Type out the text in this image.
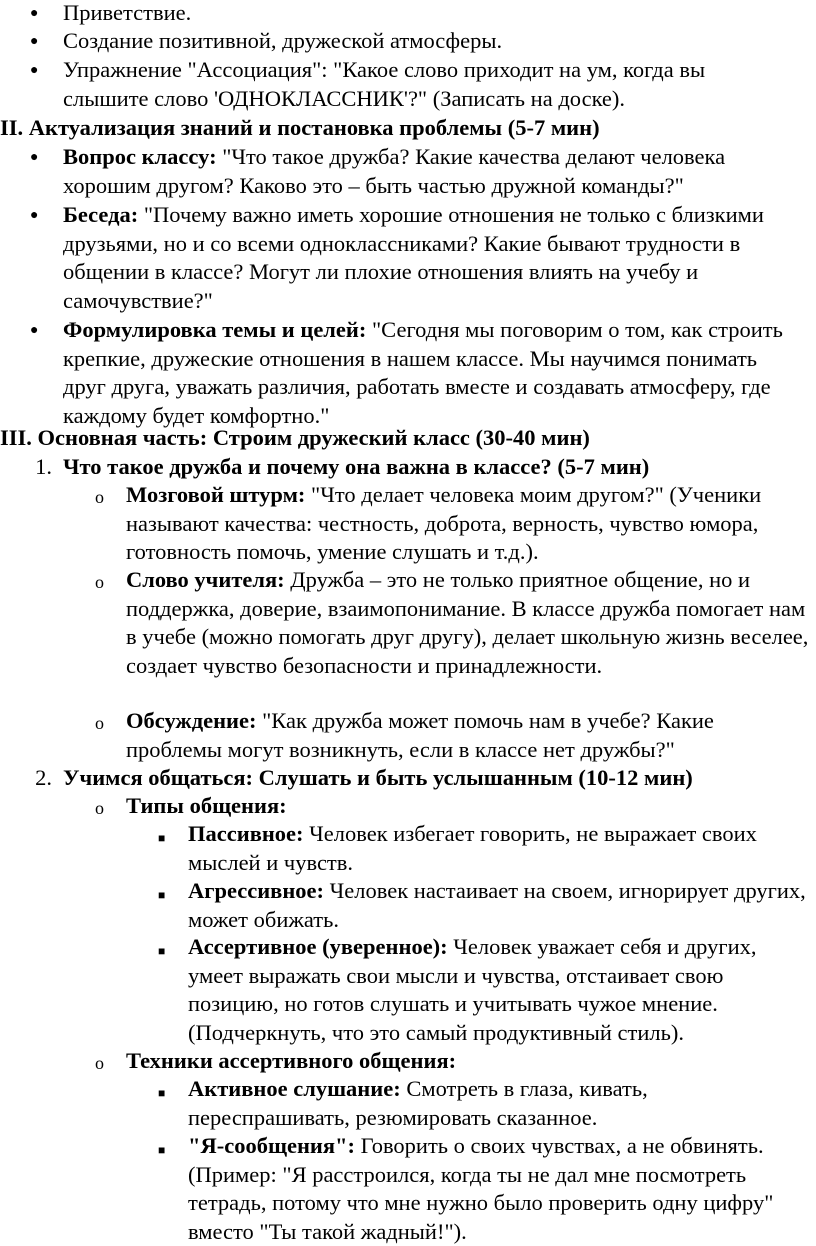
● Приветствие.

● Создание позитивной, дружеской атмосферы.

● Упражнение "Ассоциация": "Какое слово приходит на ум, когда вы слышите слово 'ОДНОКЛАССНИК'?" (Записать на доске).

II. Актуализация знаний и постановка проблемы (5-7 мин)

● Вопрос классу: "Что такое дружба? Какие качества делают человека хорошим другом? Каково это – быть частью дружной команды?"

● Беседа: "Почему важно иметь хорошие отношения не только с близкими друзьями, но и со всеми одноклассниками? Какие бывают трудности в общении в классе? Могут ли плохие отношения влиять на учебу и самочувствие?"

● Формулировка темы и целей: "Сегодня мы поговорим о том, как строить крепкие, дружеские отношения в нашем классе. Мы научимся понимать друг друга, уважать различия, работать вместе и создавать атмосферу, где каждому будет комфортно."

III. Основная часть: Строим дружеский класс (30-40 мин)

1. Что такое дружба и почему она важна в классе? (5-7 мин)

o Мозговой штурм: "Что делает человека моим другом?" (Ученики называют качества: честность, доброта, верность, чувство юмора, готовность помочь, умение слушать и т.д.).

o Слово учителя: Дружба – это не только приятное общение, но и поддержка, доверие, взаимопонимание. В классе дружба помогает нам в учебе (можно помогать друг другу), делает школьную жизнь веселее, создает чувство безопасности и принадлежности.

o Обсуждение: "Как дружба может помочь нам в учебе? Какие проблемы могут возникнуть, если в классе нет дружбы?"

2. Учимся общаться: Слушать и быть услышанным (10-12 мин)

o Типы общения:

■ Пассивное: Человек избегает говорить, не выражает своих мыслей и чувств.

■ Агрессивное: Человек настаивает на своем, игнорирует других, может обижать.

■ Ассертивное (уверенное): Человек уважает себя и других, умеет выражать свои мысли и чувства, отстаивает свою позицию, но готов слушать и учитывать чужое мнение. (Подчеркнуть, что это самый продуктивный стиль).

o Техники ассертивного общения:

■ Активное слушание: Смотреть в глаза, кивать, переспрашивать, резюмировать сказанное.

■ "Я-сообщения": Говорить о своих чувствах, а не обвинять. (Пример: "Я расстроился, когда ты не дал мне посмотреть тетрадь, потому что мне нужно было проверить одну цифру" вместо "Ты такой жадный!").
